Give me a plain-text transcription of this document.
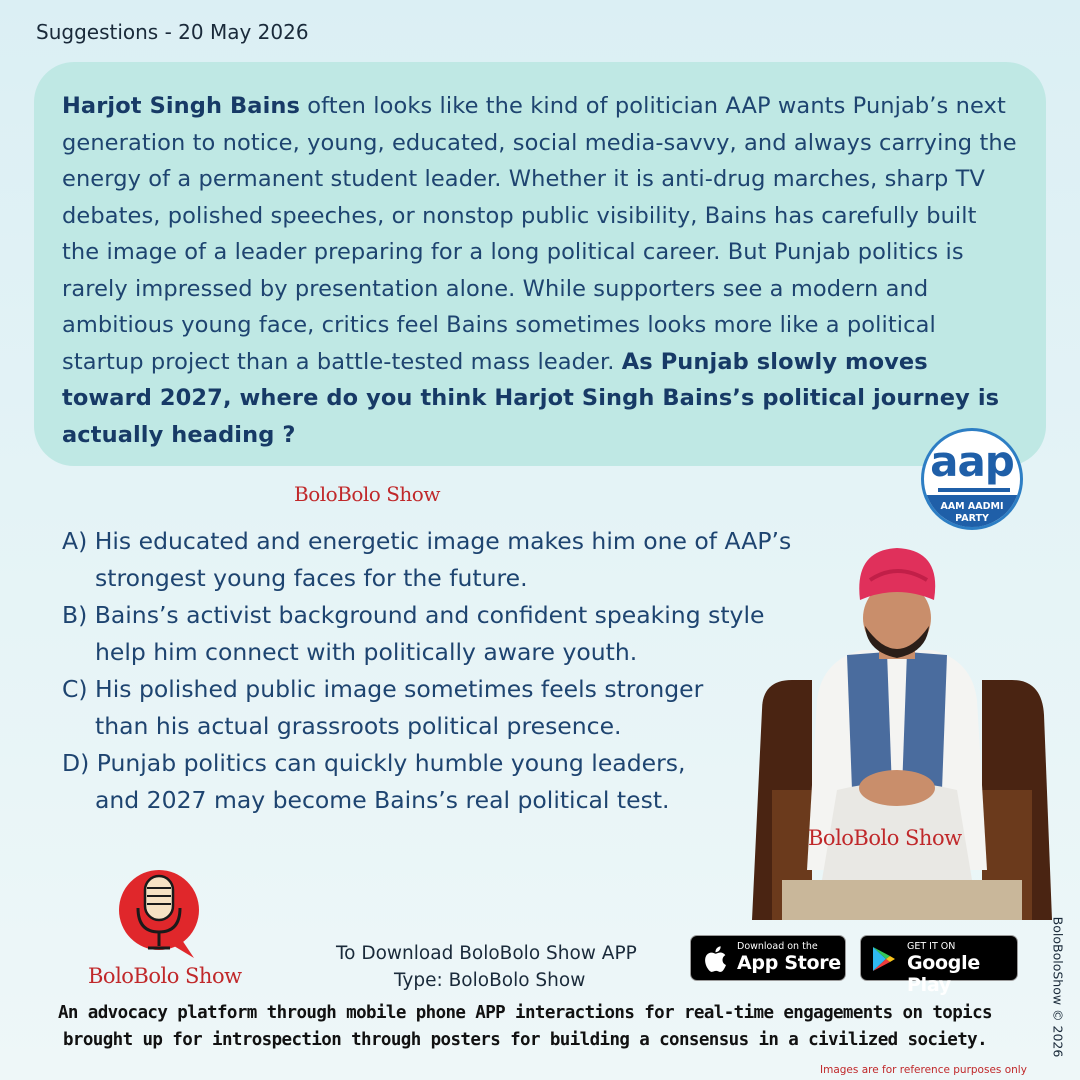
Suggestions - 20 May 2026

Harjot Singh Bains often looks like the kind of politician AAP wants Punjab’s next generation to notice, young, educated, social media-savvy, and always carrying the energy of a permanent student leader. Whether it is anti-drug marches, sharp TV debates, polished speeches, or nonstop public visibility, Bains has carefully built the image of a leader preparing for a long political career. But Punjab politics is rarely impressed by presentation alone. While supporters see a modern and ambitious young face, critics feel Bains sometimes looks more like a political startup project than a battle-tested mass leader. As Punjab slowly moves toward 2027, where do you think Harjot Singh Bains’s political journey is actually heading ?

aap
AAM AADMI
PARTY
BoloBolo Show
A) His educated and energetic image makes him one of AAP’s
strongest young faces for the future.
B) Bains’s activist background and confident speaking style
help him connect with politically aware youth.
C) His polished public image sometimes feels stronger
than his actual grassroots political presence.
D) Punjab politics can quickly humble young leaders,
and 2027 may become Bains’s real political test.
BoloBolo Show
BoloBolo Show
To Download BoloBolo Show APP
Type: BoloBolo Show
Download on the
App Store
GET IT ON
Google Play
An advocacy platform through mobile phone APP interactions for real-time engagements on topics
brought up for introspection through posters for building a consensus in a civilized society.	BoloBoloShow © 2026
Images are for reference purposes only
